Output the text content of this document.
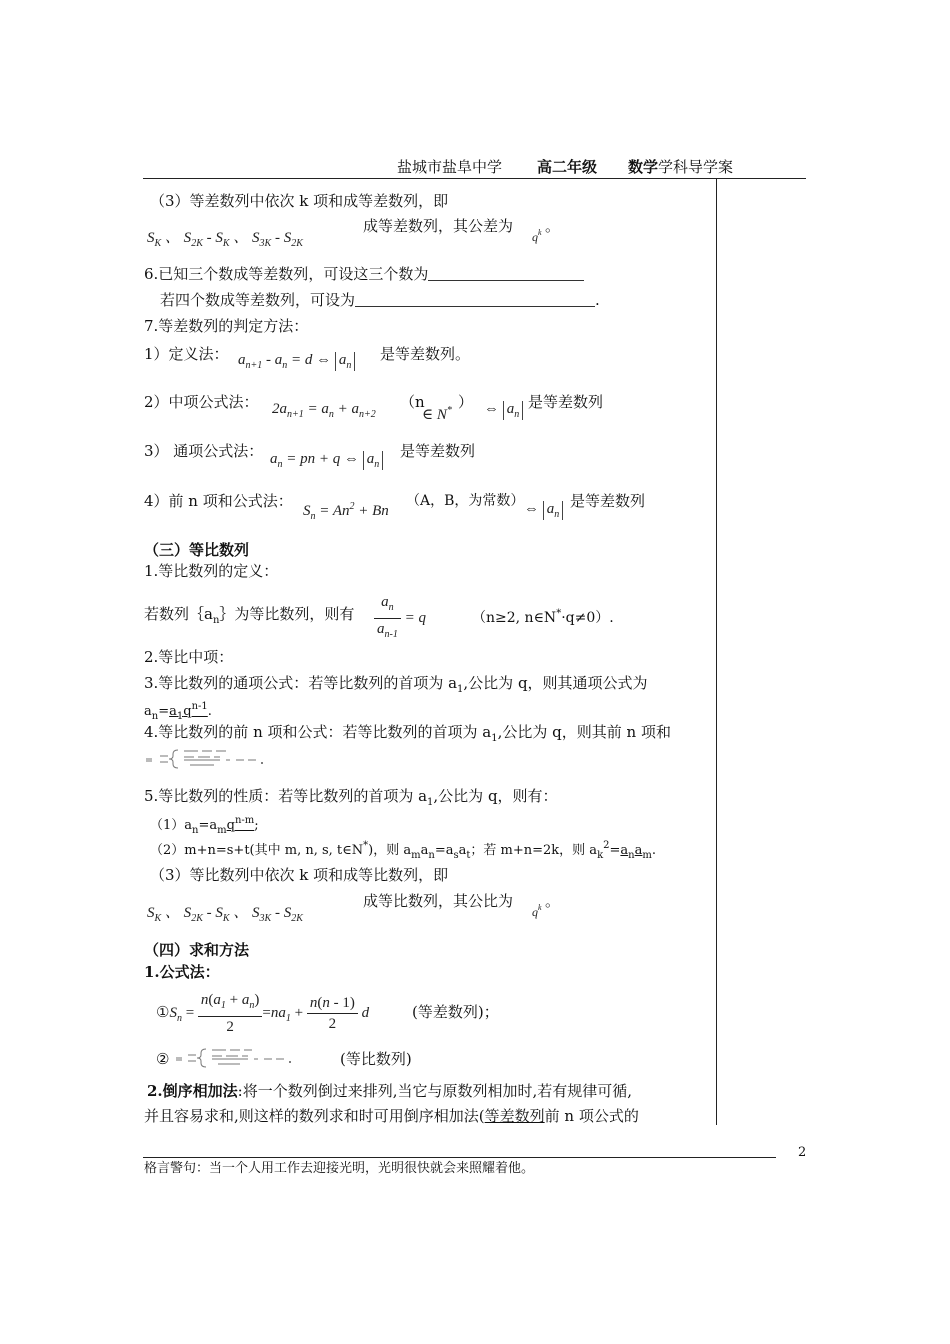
盐城市盐阜中学 高二年级 数学学科导学案
（3）等差数列中依次 k 项和成等差数列，即
$S_K$ 、 $S_{2K} - S_K$ 、 $S_{3K} - S_{2K}$
成等差数列，其公差为
$q^k$ 。
6.已知三个数成等差数列，可设这三个数为
若四个数成等差数列，可设为	.
7.等差数列的判定方法：
1）定义法： $a_{n+1} - a_n = d$ ⇔ $a_n$
是等差数列。
2）中项公式法： $2a_{n+1} = a_n + a_{n+2}$
（n
∈ N* ） ⇔ $a_n$
是等差数列
3） 通项公式法： $a_n$ = pn + q ⇔ $a_n$
是等差数列
4）前 n 项和公式法：
$S_n = An^2 + Bn$
（A，B，为常数） ⇔ $a_n$
是等差数列
（三）等比数列
1.等比数列的定义：
若数列$\{a_n\}$为等比数列，则有 $\frac{a_n}{a_{n-1}} = q$	（n≥2, n∈N*·q≠0）.
2.等比中项：
3.等比数列的通项公式：若等比数列的首项为 $a_1$,公比为 q，则其通项公式为
$a_n=a_1q^{n-1}$.
4.等比数列的前 n 项和公式：若等比数列的首项为 $a_1$,公比为 q，则其前 n 项和
5.等比数列的性质：若等比数列的首项为 $a_1$,公比为 q，则有：
$(1)a_n=a_mq^{n-m}$;
（2）m+n=s+t(其中 m, n, s, t∈N*)，则 $a_ma_n=a_sa_t$；若 m+n=2k，则 $a_k^2=a_na_m$.
（3）等比数列中依次 k 项和成等比数列，即
$S_K$ 、 $S_{2K} - S_K$ 、 $S_{3K} - S_{2K}$
成等比数列，其公比为
$q^k$ 。
（四）求和方法
1.公式法：
$①S_n = \frac{n(a_1 + a_n)}{2} =na_1 + \frac{n(n - 1)}{2}$ d	(等差数列)；
②	(等比数列)
2.倒序相加法:将一个数列倒过来排列,当它与原数列相加时,若有规律可循,
并且容易求和,则这样的数列求和时可用倒序相加法(等差数列前 n 项公式的
2
格言警句：当一个人用工作去迎接光明，光明很快就会来照耀着他。
